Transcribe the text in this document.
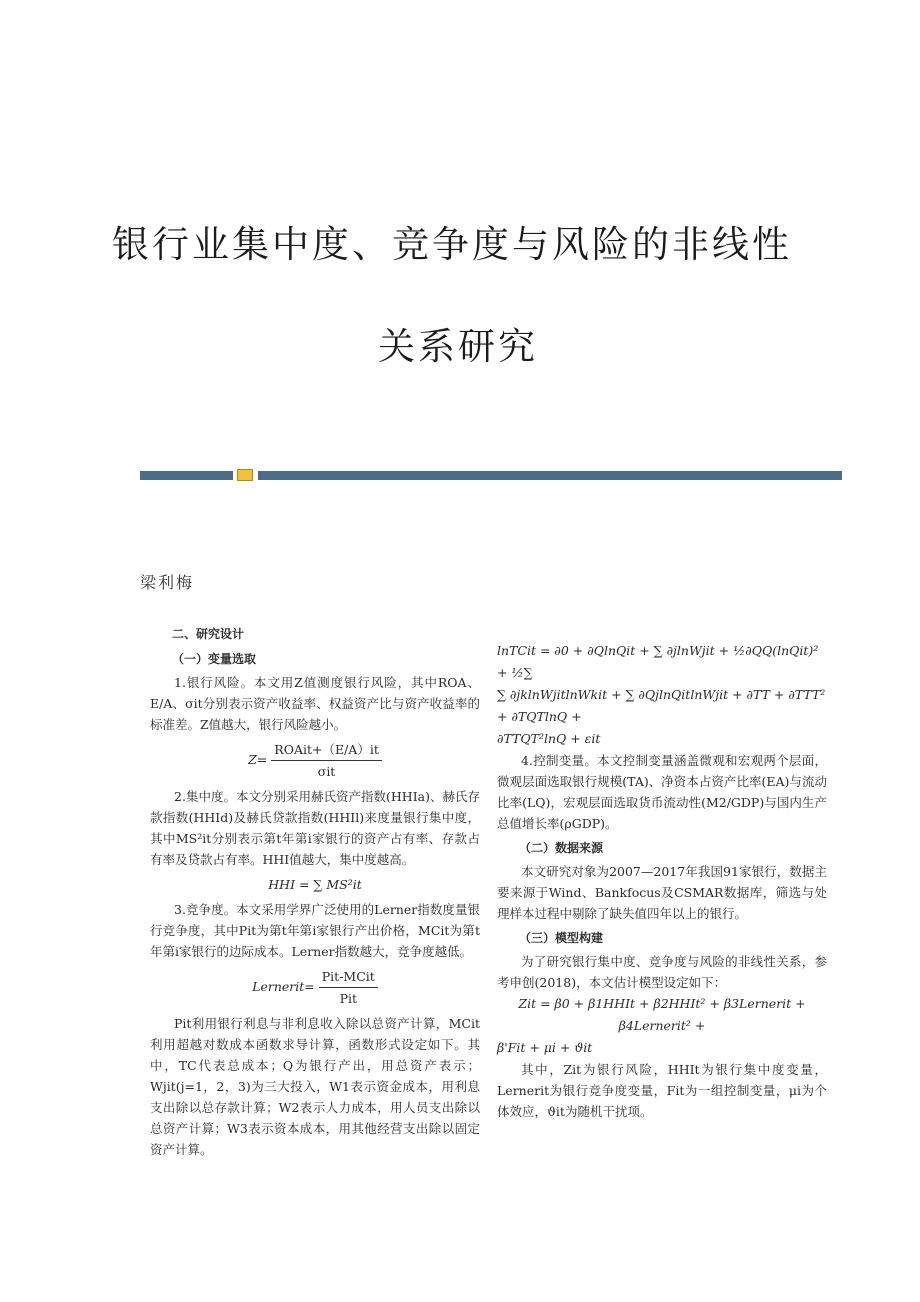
银行业集中度、竞争度与风险的非线性
关系研究
梁利梅
二、研究设计
（一）变量选取

1.银行风险。本文用Z值测度银行风险，其中ROA、E/A、σit分别表示资产收益率、权益资产比与资产收益率的标准差。Z值越大，银行风险越小。

$Z= \frac{\text{ROAit+（E/A）it}}{\text{σit}}$

2.集中度。本文分别采用赫氏资产指数(HHIa)、赫氏存款指数(HHId)及赫氏贷款指数(HHIl)来度量银行集中度，其中MS²it分别表示第t年第i家银行的资产占有率、存款占有率及贷款占有率。HHI值越大，集中度越高。

HHI = ∑ MS²it

3.竞争度。本文采用学界广泛使用的Lerner指数度量银行竞争度，其中Pit为第t年第i家银行产出价格，MCit为第t年第i家银行的边际成本。Lerner指数越大，竞争度越低。

Lernerit= $\frac{\text{Pit-MCit}}{\text{Pit}}$

Pit利用银行利息与非利息收入除以总资产计算，MCit利用超越对数成本函数求导计算，函数形式设定如下。其中，TC代表总成本；Q为银行产出，用总资产表示；Wjit(j=1，2，3)为三大投入，W1表示资金成本，用利息支出除以总存款计算；W2表示人力成本，用人员支出除以总资产计算；W3表示资本成本，用其他经营支出除以固定资产计算。

lnTCit = ∂0 + ∂QlnQit + ∑ ∂jlnWjit + ½∂QQ(lnQit)² + ½∑
∑ ∂jklnWjitlnWkit + ∑ ∂QjlnQitlnWjit + ∂TT + ∂TTT² + ∂TQTlnQ +
∂TTQT²lnQ + εit

4.控制变量。本文控制变量涵盖微观和宏观两个层面，微观层面选取银行规模(TA)、净资本占资产比率(EA)与流动比率(LQ)，宏观层面选取货币流动性(M2/GDP)与国内生产总值增长率(ρGDP)。

（二）数据来源

本文研究对象为2007—2017年我国91家银行，数据主要来源于Wind、Bankfocus及CSMAR数据库，筛选与处理样本过程中剔除了缺失值四年以上的银行。

（三）模型构建

为了研究银行集中度、竞争度与风险的非线性关系，参考申创(2018)，本文估计模型设定如下：

Zit = β0 + β1HHIt + β2HHIt² + β3Lernerit + β4Lernerit² +
β'Fit + μi + ϑit

其中，Zit为银行风险，HHIt为银行集中度变量，Lernerit为银行竞争度变量，Fit为一组控制变量，μi为个体效应，ϑit为随机干扰项。
